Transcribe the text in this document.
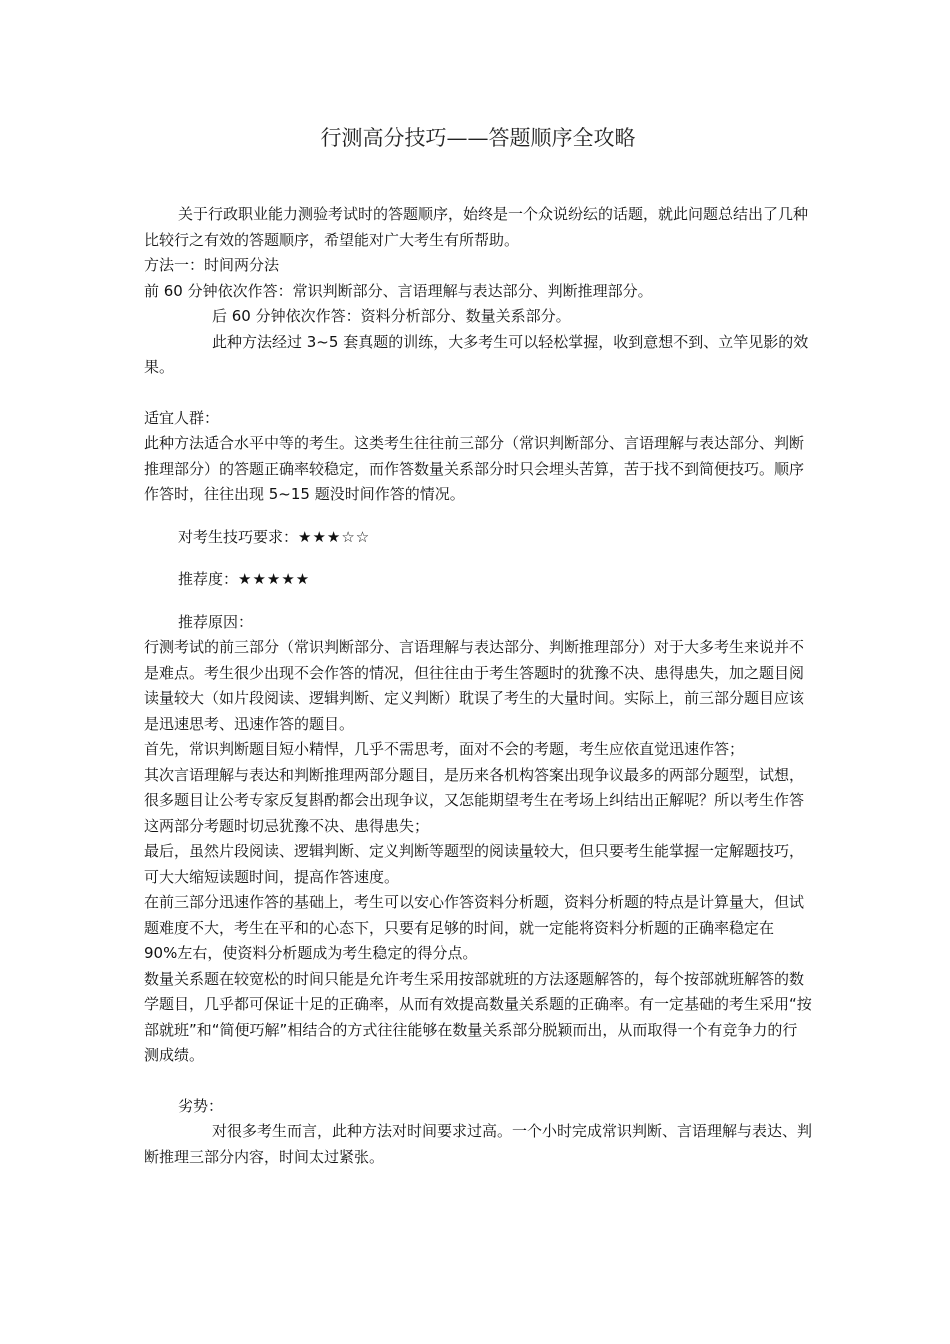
行测高分技巧——答题顺序全攻略

关于行政职业能力测验考试时的答题顺序，始终是一个众说纷纭的话题，就此问题总结出了几种比较行之有效的答题顺序，希望能对广大考生有所帮助。

方法一：时间两分法

前 60 分钟依次作答：常识判断部分、言语理解与表达部分、判断推理部分。

后 60 分钟依次作答：资料分析部分、数量关系部分。

此种方法经过 3~5 套真题的训练，大多考生可以轻松掌握，收到意想不到、立竿见影的效果。

适宜人群：

此种方法适合水平中等的考生。这类考生往往前三部分（常识判断部分、言语理解与表达部分、判断推理部分）的答题正确率较稳定，而作答数量关系部分时只会埋头苦算，苦于找不到简便技巧。顺序作答时，往往出现 5~15 题没时间作答的情况。

对考生技巧要求：★★★☆☆

推荐度：★★★★★

推荐原因：

行测考试的前三部分（常识判断部分、言语理解与表达部分、判断推理部分）对于大多考生来说并不是难点。考生很少出现不会作答的情况，但往往由于考生答题时的犹豫不决、患得患失，加之题目阅读量较大（如片段阅读、逻辑判断、定义判断）耽误了考生的大量时间。实际上，前三部分题目应该是迅速思考、迅速作答的题目。

首先，常识判断题目短小精悍，几乎不需思考，面对不会的考题，考生应依直觉迅速作答；

其次言语理解与表达和判断推理两部分题目，是历来各机构答案出现争议最多的两部分题型，试想，很多题目让公考专家反复斟酌都会出现争议，又怎能期望考生在考场上纠结出正解呢？所以考生作答这两部分考题时切忌犹豫不决、患得患失；

最后，虽然片段阅读、逻辑判断、定义判断等题型的阅读量较大，但只要考生能掌握一定解题技巧，可大大缩短读题时间，提高作答速度。

在前三部分迅速作答的基础上，考生可以安心作答资料分析题，资料分析题的特点是计算量大，但试题难度不大，考生在平和的心态下，只要有足够的时间，就一定能将资料分析题的正确率稳定在 90%左右，使资料分析题成为考生稳定的得分点。

数量关系题在较宽松的时间只能是允许考生采用按部就班的方法逐题解答的，每个按部就班解答的数学题目，几乎都可保证十足的正确率，从而有效提高数量关系题的正确率。有一定基础的考生采用“按部就班”和“简便巧解”相结合的方式往往能够在数量关系部分脱颖而出，从而取得一个有竞争力的行测成绩。

劣势：

对很多考生而言，此种方法对时间要求过高。一个小时完成常识判断、言语理解与表达、判断推理三部分内容，时间太过紧张。
